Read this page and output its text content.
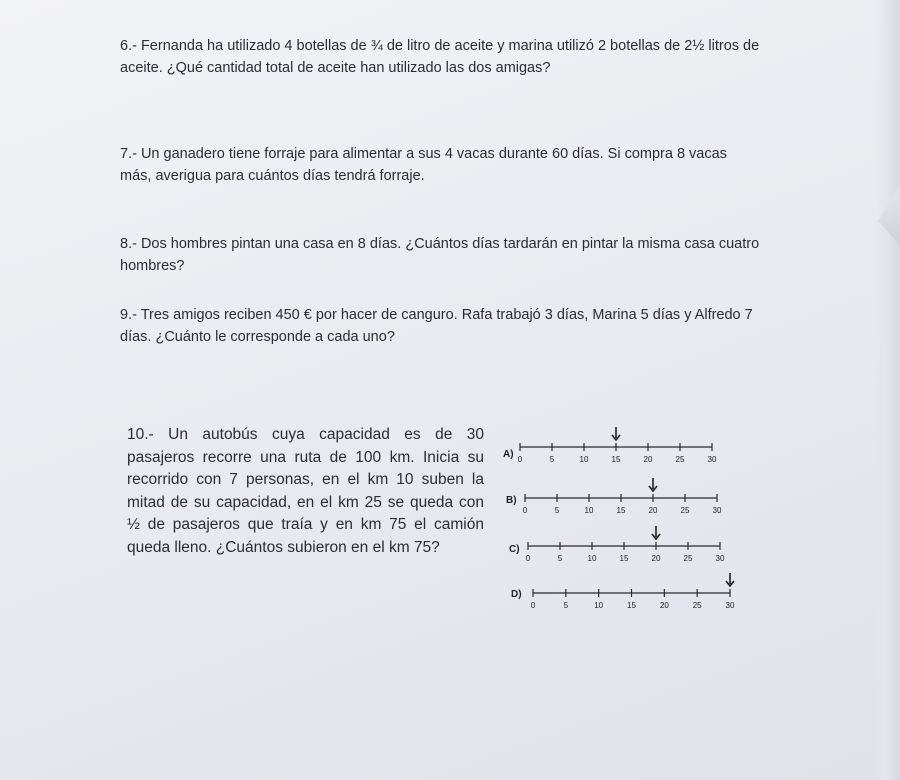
6.- Fernanda ha utilizado 4 botellas de ¾ de litro de aceite y marina utilizó 2 botellas de 2½ litros de aceite. ¿Qué cantidad total de aceite han utilizado las dos amigas?

7.- Un ganadero tiene forraje para alimentar a sus 4 vacas durante 60 días. Si compra 8 vacas más, averigua para cuántos días tendrá forraje.

8.- Dos hombres pintan una casa en 8 días. ¿Cuántos días tardarán en pintar la misma casa cuatro hombres?

9.- Tres amigos reciben 450 € por hacer de canguro. Rafa trabajó 3 días, Marina 5 días y Alfredo 7 días. ¿Cuánto le corresponde a cada uno?

10.- Un autobús cuya capacidad es de 30 pasajeros recorre una ruta de 100 km. Inicia su recorrido con 7 personas, en el km 10 suben la mitad de su capacidad, en el km 25 se queda con ½ de pasajeros que traía y en km 75 el camión queda lleno. ¿Cuántos subieron en el km 75?

A) 0	5	10	15	20	25	30
B)
0	5	10	15	20	25	30
C)
0	5	10	15	20	25	30
D)
0	5	10	15	20	25	30
